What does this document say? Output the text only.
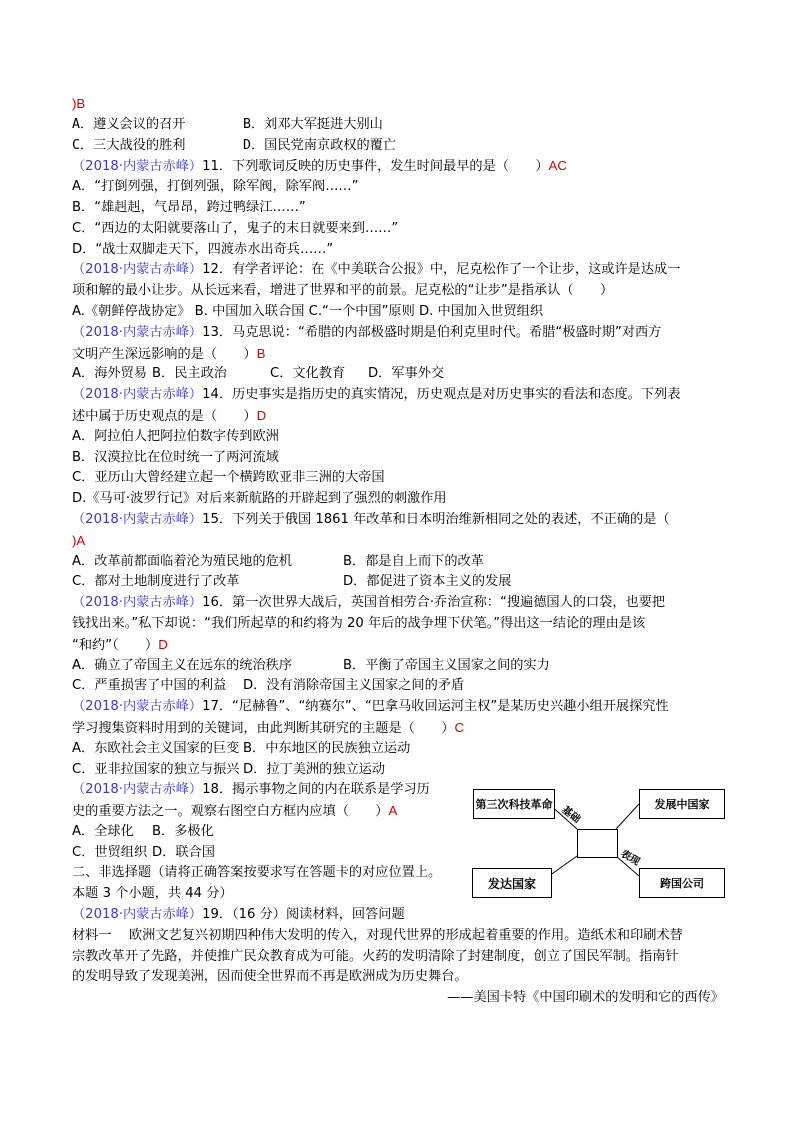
)B
A．遵义会议的召开	B．刘邓大军挺进大别山
C．三大战役的胜利	D．国民党南京政权的覆亡
（2018·内蒙古赤峰）11．下列歌词反映的历史事件，发生时间最早的是（　　）AC
A．“打倒列强，打倒列强，除军阀，除军阀……”
B．“雄赳赳，气昂昂，跨过鸭绿江……”
C．“西边的太阳就要落山了，鬼子的末日就要来到……”
D．“战士双脚走天下，四渡赤水出奇兵……”
（2018·内蒙古赤峰）12．有学者评论：在《中美联合公报》中，尼克松作了一个让步，这或许是达成一
项和解的最小让步。从长远来看，增进了世界和平的前景。尼克松的“让步”是指承认（　　）
A.《朝鲜停战协定》 B. 中国加入联合国 C.“一个中国”原则 D. 中国加入世贸组织
（2018·内蒙古赤峰）13．马克思说：“希腊的内部极盛时期是伯利克里时代。希腊“极盛时期”对西方
文明产生深远影响的是（　　）B
A．海外贸易 B．民主政治	C．文化教育 D．军事外交
（2018·内蒙古赤峰）14．历史事实是指历史的真实情况，历史观点是对历史事实的看法和态度。下列表
述中属于历史观点的是（　　）D
A．阿拉伯人把阿拉伯数字传到欧洲
B．汉漠拉比在位时统一了两河流域
C．亚历山大曾经建立起一个横跨欧亚非三洲的大帝国
D.《马可·波罗行记》对后来新航路的开辟起到了强烈的刺激作用
（2018·内蒙古赤峰）15．下列关于俄国 1861 年改革和日本明治维新相同之处的表述，不正确的是（
)A
A．改革前都面临着沦为殖民地的危机	B．都是自上而下的改革
C．都对土地制度进行了改革	D．都促进了资本主义的发展
（2018·内蒙古赤峰）16．第一次世界大战后，英国首相劳合·乔治宣称：“搜遍德国人的口袋，也要把
钱找出来。”私下却说：“我们所起草的和约将为 20 年后的战争埋下伏笔。”得出这一结论的理由是该
“和约”（　　）D
A．确立了帝国主义在远东的统治秩序	B．平衡了帝国主义国家之间的实力
C．严重损害了中国的利益 D．没有消除帝国主义国家之间的矛盾
（2018·内蒙古赤峰）17．“尼赫鲁”、“纳赛尔”、“巴拿马收回运河主权”是某历史兴趣小组开展探究性
学习搜集资料时用到的关键词，由此判断其研究的主题是（　　）C
A．东欧社会主义国家的巨变 B．中东地区的民族独立运动
C．亚非拉国家的独立与振兴 D．拉丁美洲的独立运动
（2018·内蒙古赤峰）18．揭示事物之间的内在联系是学习历
史的重要方法之一。观察右图空白方框内应填（　　）A
A．全球化 B．多极化
C．世贸组织 D．联合国
二、非选择题（请将正确答案按要求写在答题卡的对应位置上。
本题 3 个小题，共 44 分）
（2018·内蒙古赤峰）19．（16 分）阅读材料，回答问题
材料一　 欧洲文艺复兴初期四种伟大发明的传入，对现代世界的形成起着重要的作用。造纸术和印刷术替
宗教改革开了先路，并使推广民众教育成为可能。火药的发明清除了封建制度，创立了国民军制。指南针
的发明导致了发现美洲，因而使全世界而不再是欧洲成为历史舞台。
——美国卡特《中国印刷术的发明和它的西传》
第三次科技革命	发展中国家
发达国家	跨国公司
基础
表现
